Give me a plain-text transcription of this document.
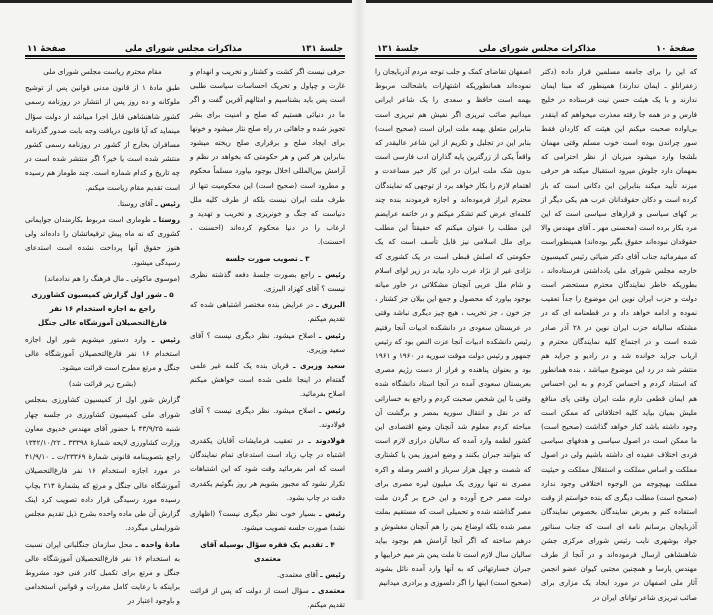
جلسهٔ ۱۳۱
مذاکرات مجلس شورای ملی
صفحهٔ ۱۱

حرفی نیست اگر کشت و کشتار و تخریب و انهدام و غارت و چپاول و تحریک احساسات سیاست طلبی است پس باید بشناسیم و امثالهم آفرین گفت و اگر ما در دنیائی هستیم که صلح و امنیت برای بشر تجویز شده و جاهائی در راه صلح نثار میشود و خونها برای ایجاد صلح و برقراری صلح ریخته میشود بنابراین هر کس و هر حکومتی که بخواهد در نظم و آرامش بین‌المللی اخلال بوجود بیاورد مسلماً محکوم و مطرود است (صحیح است) این محکومیت تنها از طرف ملت ایران نیست بلکه از طرف کلیه ملل دنیاست که جنگ و خونریزی و تخریب و تهدید و ارعاب را در دنیا محکوم کرده‌اند (احسنت ، احسنت).

۳ ـ تصویب صورت جلسه

رئیس ـ راجع بصورت جلسهٔ دفعه گذشته نظری نیست ؟ آقای کهزاد البرزی.

البرزی ـ در عرایض بنده مختصر اشتباهی شده که تقدیم میکنم.

رئیس ـ اصلاح میشود. نظر دیگری نیست ؟ آقای سعید وزیری.

سعید وزیری ـ قربان بنده یک کلمه غیر علمی گفته‌ام در اینجا علمی شده است خواهش میکنم اصلاح بفرمائید.

رئیس ـ اصلاح میشود. نظر دیگری نیست ؟ آقای فولادوند.

فولادوند ـ در تعقیب فرمایشات آقایان یکقدری اشتباه در چاپ زیاد است استدعای تمام نمایندگان است که امر بفرمائید وقت شود که این اشتباهات تکرار نشود که مجبور بشویم هر روز بگوئیم یکقدری دقت در چاپ بشود.

رئیس ـ بسیار خوب نظر دیگری نیست؟ (اظهاری نشد) صورت جلسه تصویب میشود.

۴ ـ تقدیم یک فقره سؤال بوسیله آقای معتمدی

رئیس ـ آقای معتمدی.

معتمدی ـ سؤال است از دولت که پس از قرائت تقدیم میکنم.

مقام محترم ریاست مجلس شورای ملی

طبق مادهٔ ۱ از قانون مدنی قوانین پس از توشیح ملوکانه و ده روز پس از انتشار در روزنامه رسمی کشور شاهنشاهی قابل اجرا میباشد از دولت سؤال مینماید که آیا قانون دریافت وجه بابت صدور گذرنامه مسافران بخارج از کشور در روزنامه رسمی کشور منتشر شده است یا خیر؟ اگر منتشر شده است در چه تاریخ و کدام شماره است. چند طومار هم رسیده است تقدیم مقام ریاست میکنم.

رئیس ـ آقای روستا.

روستا ـ طوماری است مربوط بکارمندان جوایمانی کشوری که نه ماه پیش ترفیعاتشان را داده‌اند ولی هنوز حقوق آنها پرداخت نشده است استدعای رسیدگی میشود.

(موسوی ماکوئی ـ مال فرهنگ را هم ندادماند)

۵ ـ شور اول گزارش کمیسیون کشاورزی راجع به اجازه استخدام ۱۶ نفر فارغ‌التحصیلان آموزشگاه عالی جنگل

رئیس ـ وارد دستور میشویم شور اول اجازه استخدام ۱۶ نفر فارغ‌التحصیلان آموزشگاه عالی جنگل و مرتع مطرح است قرائت میشود.

(بشرح زیر قرائت شد)

گزارش شور اول از کمیسیون کشاورزی بمجلس شورای ملی کمیسیون کشاورزی در جلسه چهار شنبه ۴۳/۹/۲۵ با حضور آقای مهندس خدیوی معاون وزارت کشاورزی لایحه شمارهٔ ۳۳۳۹۸ ـ ۱۳۴۲/۱۰/۲۲ راجع بتصویبنامه قانونی شمارهٔ ۲۳۳۶۹/ت ـ ۴۱/۹/۱۰ در مورد اجازه استخدام ۱۶ نفر فارغ‌التحصیلان آموزشگاه عالی جنگل و مرتع که بشمارهٔ ۲۱۴ بچاپ رسیده مورد رسیدگی قرار داده تصویب کرد اینک گزارش آن طی ماده واحده بشرح ذیل تقدیم مجلس شورایملی میگردد.

مادهٔ واحده ـ محل سازمان جنگلبانی ایران نسبت به استخدام ۱۶ نفر فارغ‌التحصیلان آموزشگاه عالی جنگل و مرتع برای تکمیل کادر فنی خود مشروط براینکه با رعایت کامل مقررات و قوانین استخدامی و باوجود اعتبار در

صفحهٔ ۱۰
مذاکرات مجلس شورای ملی
جلسهٔ ۱۳۱

که این را برای جامعه مسلمین قرار داده (دکتر زعفرانلو ـ ایمان ندارند) همینطور که مبنا ایمان ندارند و با یک هیئت حسن نیت فرستاده در خلیج فارس و در همه جا رفته معذرت میخواهم که اینقدر بی‌اواده صحبت میکنم این هیئت که کاردان فقط سور چراندن بوده است خوب مسلم وقتی مهمان بلشجا وارد میشود میزبان از نظر احترامی که بمهمان دارد جلوش میرود استقبال میکند هر حرفی میزند تأیید میکند بنابراین این دکانی است که باز کرده است و دکان حقوقدانان عرب هم یکی دیگر از بر کهای سیاسی و قرارهای سیاسی است که این مرد بکار برده است (محسنی مهر ـ آقای مهندس والا حقوقدان نبوده‌اند حقوق بگیر بوده‌اند) همینطوراست که میفرمائید جناب آقای دکتر ضیائی رئیس کمیسیون خارجه مجلس شورای ملی یادداشتی فرستاده‌اند ، بطوریکه خاطر نمایندگان محترم مستحضر است دولت و حزب ایران نوین این موضوع را جداً تعقیب نموده و ادامه خواهد داد و در قطعنامه ای که در مشتکه سالیانه حزب ایران نوین در ۲۸ آذر صادر شده است و در اجتماع کلیه نمایندگان محترم و ارباب جراید خوانده شد و در رادیو و جراید هم منتشر شد در رد این موضوع میباشد ، بنده همانطور که استناد کردم و احساس کردم و به این احساس هم ایمان قطعی دارم ملت ایران وقتی پای منافع ملیش بمیان بیاید کلیه اختلافاتی که ممکن است وجود داشته باشد کنار خواهد گذاشت (صحیح است) ما ممکن است در اصول سیاسی و هدفهای سیاسی فردی اختلاف عقیده ای داشته باشیم ولی در اصول مملکت و اساس مملکت و استقلال مملکت و حیثیت مملکت بهیچوجه من الوجوه اختلافی وجود ندارد (صحیح است) مطلب دیگری که بنده خواستم از وقت استفاده کنم و بعرض نمایندگان بخصوص نمایندگان آذربایجان برسانم نامه ای است که جناب سناتور جواد بوشهری نایب رئیس شورای مرکزی جشن شاهنشاهی ارسال فرموده‌اند و در آنجا از طرف مهندس پارسا و همچنین مجتبی کیوان عضو انجمن آثار ملی اصفهان در مورد ایجاد یک مزاری برای صائب تبریزی شاعر توانای ایران در

اصفهان تقاضای کمک و جلب توجه مردم آذربایجان را نموده‌اند همانطوریکه اشتهارات باشحالت مربوط بهمه است حافظ و سعدی را یک شاعر ایرانی میدانیم صائب تبریزی اگر نفیش هم تبریزی است بنابراین متعلق بهمه ملت ایران است (صحیح است) بنابر این در تجلیل و تکریم از این شاعر عالیقدر که واقعاً یکی از زرگترین پایه گذاران ادب فارسی است بدون شک ملت ایران در این کار خیر مساعدت و اهتمام لازم را بکار خواهد برد از توجهی که نمایندگان محترم ابراز فرموده‌اند و اجازه فرمودند بنده چند کلمه‌ای عرض کنم تشکر میکنم و در خاتمه عرایضم این مطلب را عنوان میکنم که حقیقتاً این مطلب برای ملل اسلامی نیز قابل تأسف است که یک حکومتی که اصلش قبطی است در یک کشوری که نژادی غیر از نژاد عرب دارد بیاید در زیر لوای اسلام و شام ملل عربی آنچنان مشکلاتی در خاور میانه بوجود بیاورد که محصول و جمع این بیلان جز کشتار ، جز خون ، جز تخریب ، هیچ چیز دیگری نباشد وقتی در عربستان سعودی در دانشکده ادبیات آنجا رفتیم رئیس دانشکده ادبیات آنجا عزت النص بود که رئیس جمهور و رئیس دولت موقت سوریه در ۱۹۶۰ و ۱۹۶۱ بود و بعنوان پناهنده و فرار از دست رژیم مصری بعربستان سعودی آمده در آنجا استاد دانشگاه شده وقتی با این شخص صحبت کردم و راجع به خساراتی که در نقل و انتقال سوریه بمصر و برگشت آن مباحثه کردم معلوم شد آنچنان وضع اقتصادی این کشور لطمه وارد آمده که سالیان درازی لازم است که بتوانند جبران بکنند و وضع امروز یمن یا کشتاری که شصت و چهل هزار سرباز و افسر وصله و اکره مصری نه تنها روزی یک میلیون لیره مصری برای دولت مصر خرج آورده و این خرج بر گردن ملت مصر گذاشته شده و تحمیلی است که مستقیم بملت مصر شده بلکه اوضاع یمن را هم آنچنان مغشوش و درهم ساخته که اگر آنجا آرامش هم بوجود بیاید سالیان سال لازم است تا ملت یمن بتر میم خرابیها و جبران خسارتهائی که به آنها وارد آمده نائل بشوند (صحیح است) اینها را اگر دلسوزی و برادری میدانیم
